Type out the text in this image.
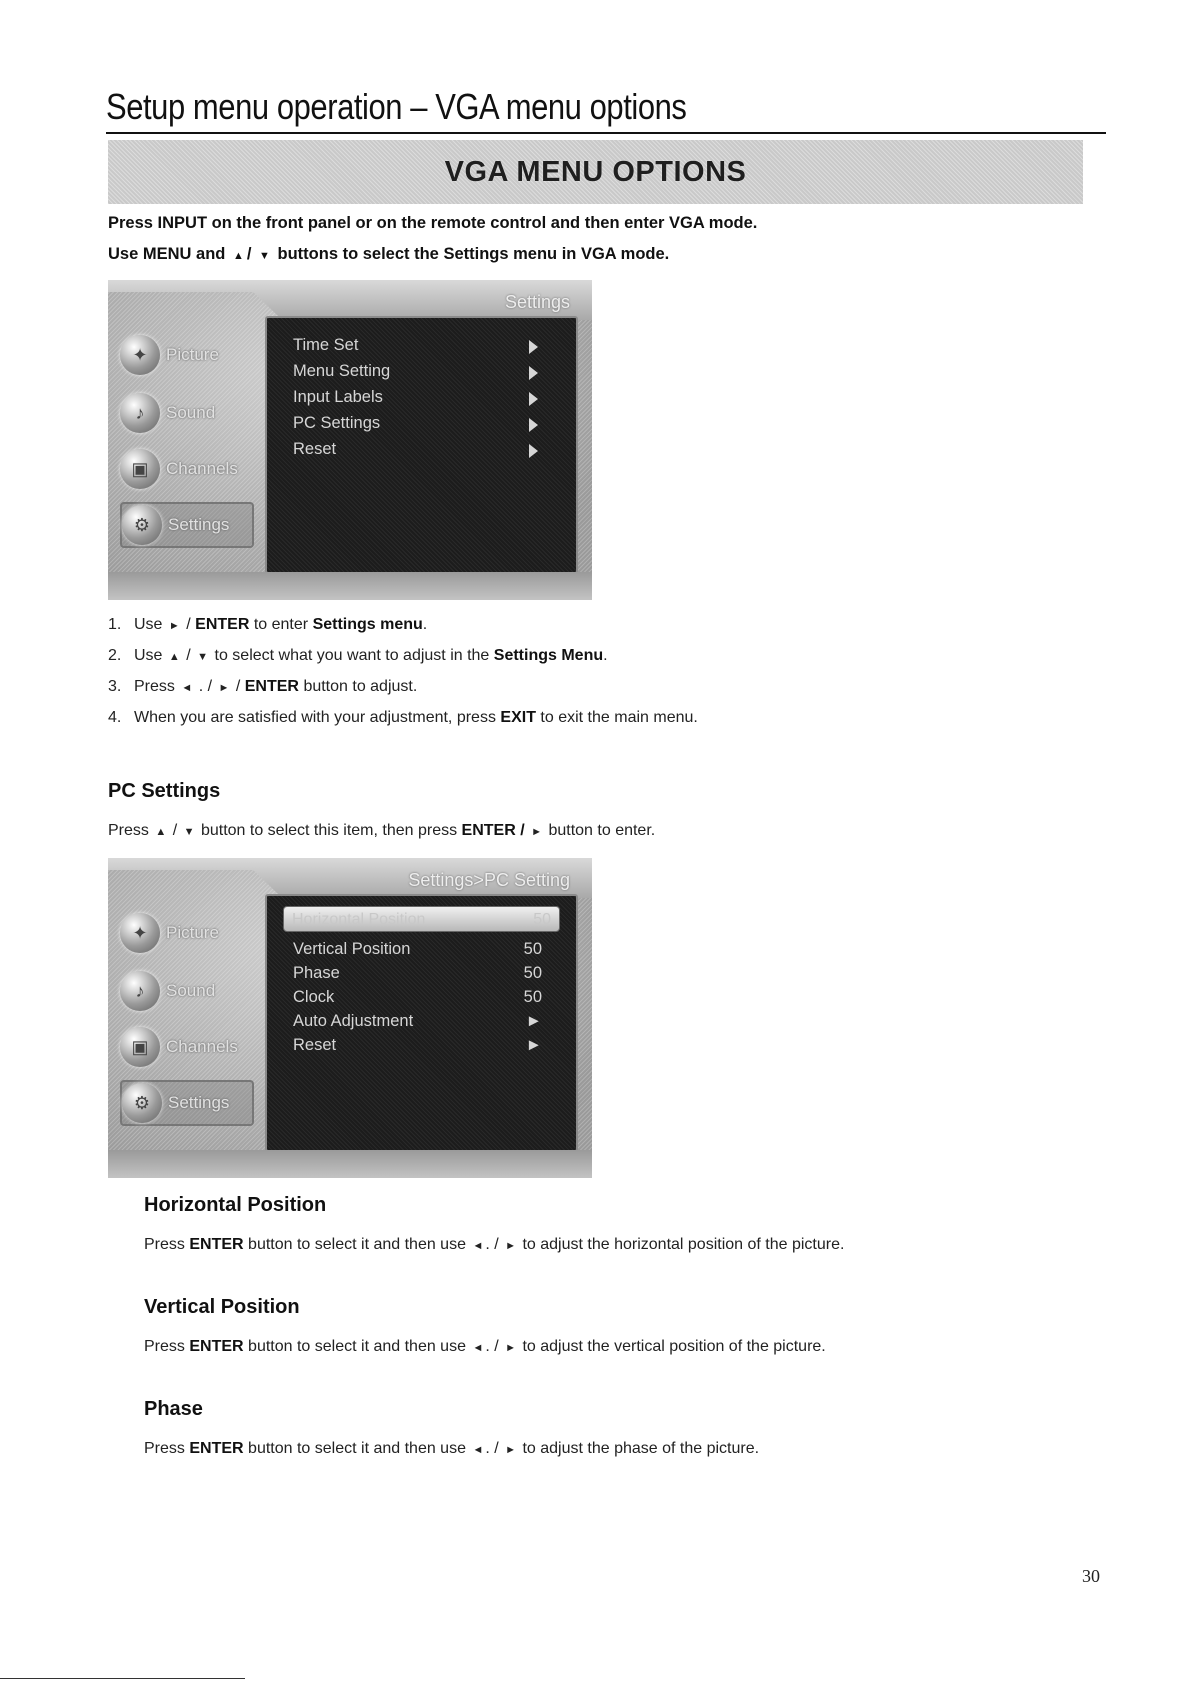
Setup menu operation – VGA menu options
VGA MENU OPTIONS
Press INPUT on the front panel or on the remote control and then enter VGA mode.
Use MENU and ▲ / ▼ buttons to select the Settings menu in VGA mode.
Settings
✦	Picture
♪	Sound
▣	Channels
⚙	Settings
Time Set
Menu Setting
Input Labels
PC Settings
Reset
1. Use ► / ENTER to enter Settings menu.
2. Use ▲ / ▼ to select what you want to adjust in the Settings Menu.
3. Press ◄ . / ► / ENTER button to adjust.
4. When you are satisfied with your adjustment, press EXIT to exit the main menu.
PC Settings
Press ▲ / ▼ button to select this item, then press ENTER / ► button to enter.
Settings>PC Setting
✦	Picture
♪	Sound
▣	Channels
⚙	Settings
Horizontal Position	50
Vertical Position	50
Phase	50
Clock	50
Auto Adjustment	►
Reset	►
Horizontal Position
Press ENTER button to select it and then use ◄ . / ► to adjust the horizontal position of the picture.
Vertical Position
Press ENTER button to select it and then use ◄ . / ► to adjust the vertical position of the picture.
Phase
Press ENTER button to select it and then use ◄ . / ► to adjust the phase of the picture.
30
